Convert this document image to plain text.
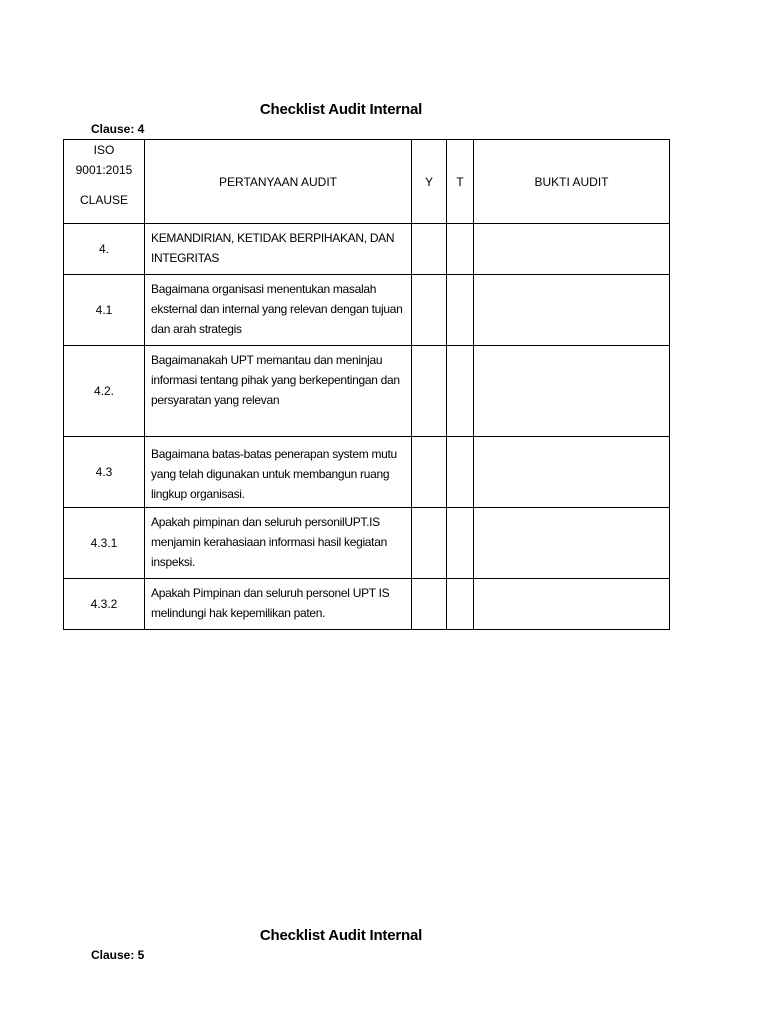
Checklist Audit Internal
Clause: 4
ISO
9001:2015
CLAUSE	PERTANYAAN AUDIT	Y	T	BUKTI AUDIT
4.	KEMANDIRIAN, KETIDAK BERPIHAKAN, DAN INTEGRITAS			
4.1	Bagaimana organisasi menentukan masalah eksternal dan internal yang relevan dengan tujuan dan arah strategis			
4.2.	Bagaimanakah UPT memantau dan meninjau informasi tentang pihak yang berkepentingan dan persyaratan yang relevan			
4.3	Bagaimana batas-batas penerapan system mutu yang telah digunakan untuk membangun ruang lingkup organisasi.			
4.3.1	Apakah pimpinan dan seluruh personilUPT.IS menjamin kerahasiaan informasi hasil kegiatan inspeksi.			
4.3.2	Apakah Pimpinan dan seluruh personel UPT IS melindungi hak kepemilikan paten.			
Checklist Audit Internal
Clause: 5
